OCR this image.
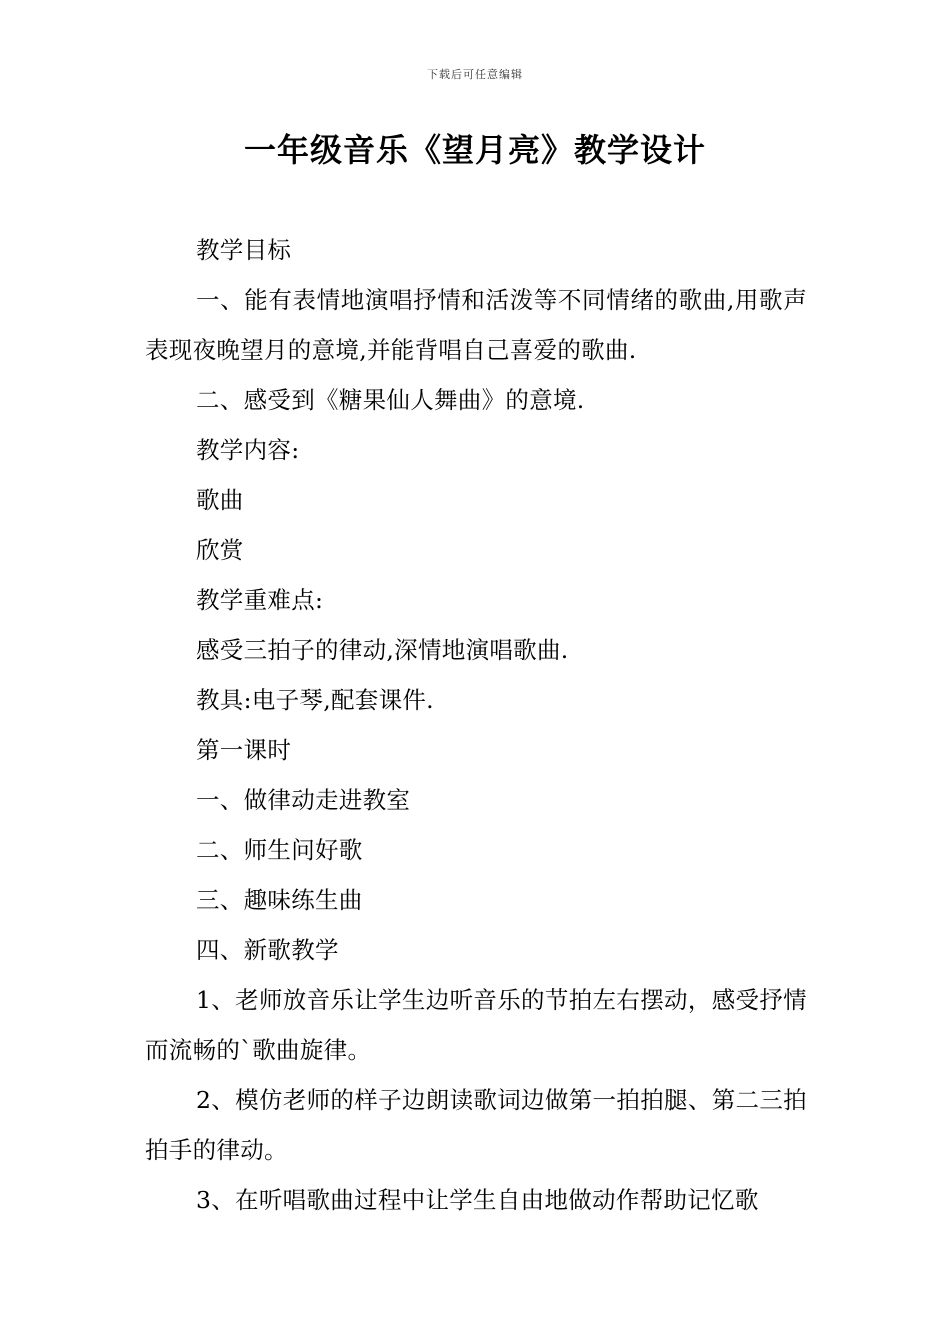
下载后可任意编辑
一年级音乐《望月亮》教学设计

教学目标

一、能有表情地演唱抒情和活泼等不同情绪的歌曲,用歌声表现夜晚望月的意境,并能背唱自己喜爱的歌曲.

二、感受到《糖果仙人舞曲》的意境.

教学内容:

歌曲

欣赏

教学重难点:

感受三拍子的律动,深情地演唱歌曲.

教具:电子琴,配套课件.

第一课时

一、做律动走进教室

二、师生问好歌

三、趣味练生曲

四、新歌教学

1、老师放音乐让学生边听音乐的节拍左右摆动，感受抒情而流畅的`歌曲旋律。

2、模仿老师的样子边朗读歌词边做第一拍拍腿、第二三拍拍手的律动。

3、在听唱歌曲过程中让学生自由地做动作帮助记忆歌
